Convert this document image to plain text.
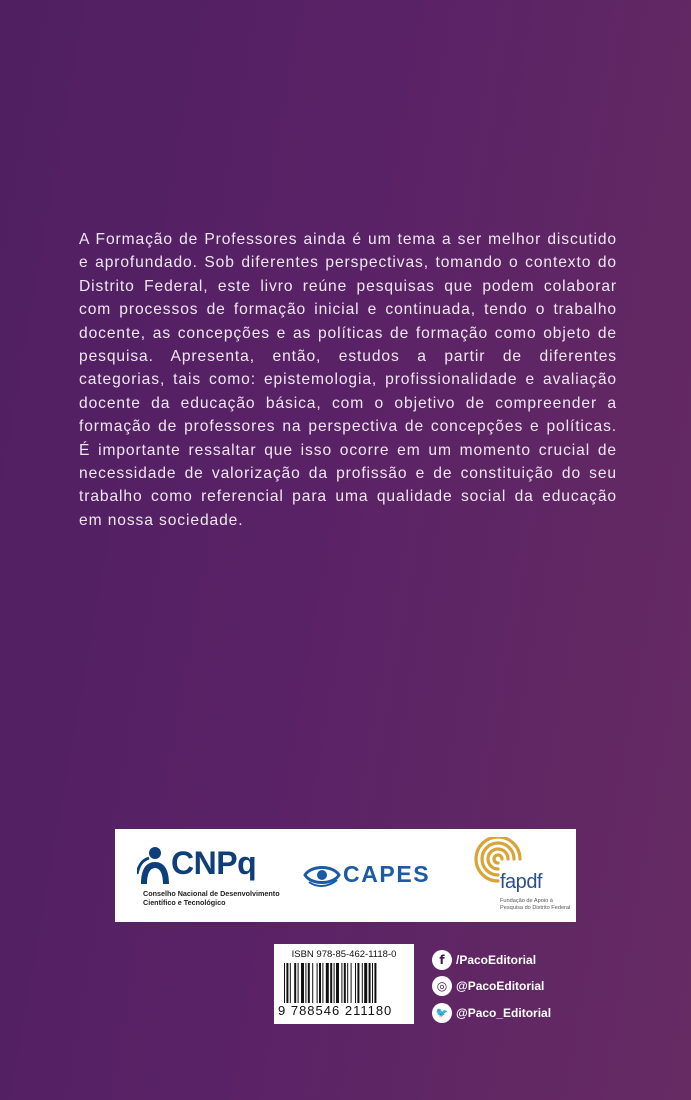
A Formação de Professores ainda é um tema a ser melhor discutido e aprofundado. Sob diferentes perspectivas, tomando o contexto do Distrito Federal, este livro reúne pesquisas que podem colaborar com processos de formação inicial e continuada, tendo o trabalho docente, as concepções e as políticas de formação como objeto de pesquisa. Apresenta, então, estudos a partir de diferentes categorias, tais como: epistemologia, profissionalidade e avaliação docente da educação básica, com o objetivo de compreender a formação de professores na perspectiva de concepções e políticas. É importante ressaltar que isso ocorre em um momento crucial de necessidade de valorização da profissão e de constituição do seu trabalho como referencial para uma qualidade social da educação em nossa sociedade.

CNPq
Conselho Nacional de Desenvolvimento
Científico e Tecnológico
CAPES	fapdf
Fundação de Apoio à
Pesquisa do Distrito Federal
ISBN 978-85-462-1118-0
9 788546 211180
f /PacoEditorial
◎ @PacoEditorial
🐦 @Paco_Editorial
